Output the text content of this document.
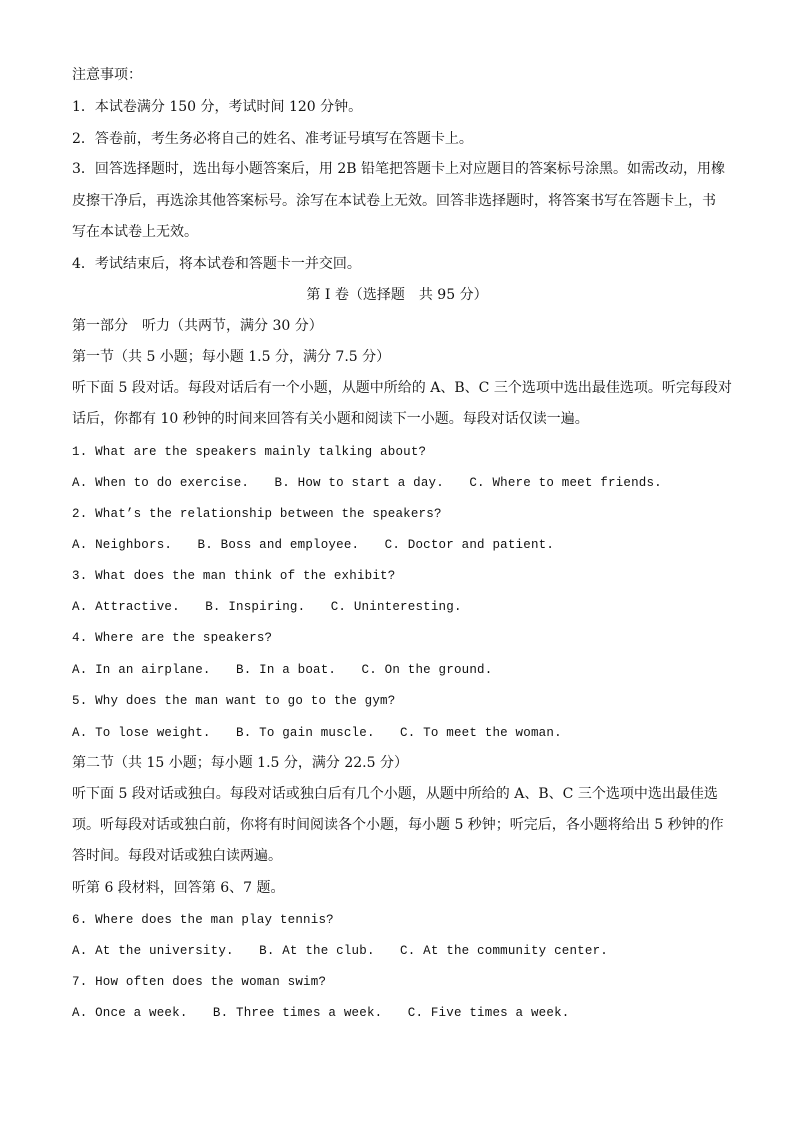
注意事项：
1．本试卷满分 150 分，考试时间 120 分钟。
2．答卷前，考生务必将自己的姓名、准考证号填写在答题卡上。
3．回答选择题时，选出每小题答案后，用 2B 铅笔把答题卡上对应题目的答案标号涂黑。如需改动，用橡
皮擦干净后，再选涂其他答案标号。涂写在本试卷上无效。回答非选择题时，将答案书写在答题卡上，书
写在本试卷上无效。
4．考试结束后，将本试卷和答题卡一并交回。
第 Ⅰ 卷（选择题　共 95 分）
第一部分　听力（共两节，满分 30 分）
第一节（共 5 小题；每小题 1.5 分，满分 7.5 分）
听下面 5 段对话。每段对话后有一个小题，从题中所给的 A、B、C 三个选项中选出最佳选项。听完每段对
话后，你都有 10 秒钟的时间来回答有关小题和阅读下一小题。每段对话仅读一遍。
1. What are the speakers mainly talking about?
A. When to do exercise.　　B. How to start a day.　　C. Where to meet friends.
2. What’s the relationship between the speakers?
A. Neighbors.　　B. Boss and employee.　　C. Doctor and patient.
3. What does the man think of the exhibit?
A. Attractive.　　B. Inspiring.　　C. Uninteresting.
4. Where are the speakers?
A. In an airplane.　　B. In a boat.　　C. On the ground.
5. Why does the man want to go to the gym?
A. To lose weight.　　B. To gain muscle.　　C. To meet the woman.
第二节（共 15 小题；每小题 1.5 分，满分 22.5 分）
听下面 5 段对话或独白。每段对话或独白后有几个小题，从题中所给的 A、B、C 三个选项中选出最佳选
项。听每段对话或独白前，你将有时间阅读各个小题，每小题 5 秒钟；听完后，各小题将给出 5 秒钟的作
答时间。每段对话或独白读两遍。
听第 6 段材料，回答第 6、7 题。
6. Where does the man play tennis?
A. At the university.　　B. At the club.　　C. At the community center.
7. How often does the woman swim?
A. Once a week.　　B. Three times a week.　　C. Five times a week.
